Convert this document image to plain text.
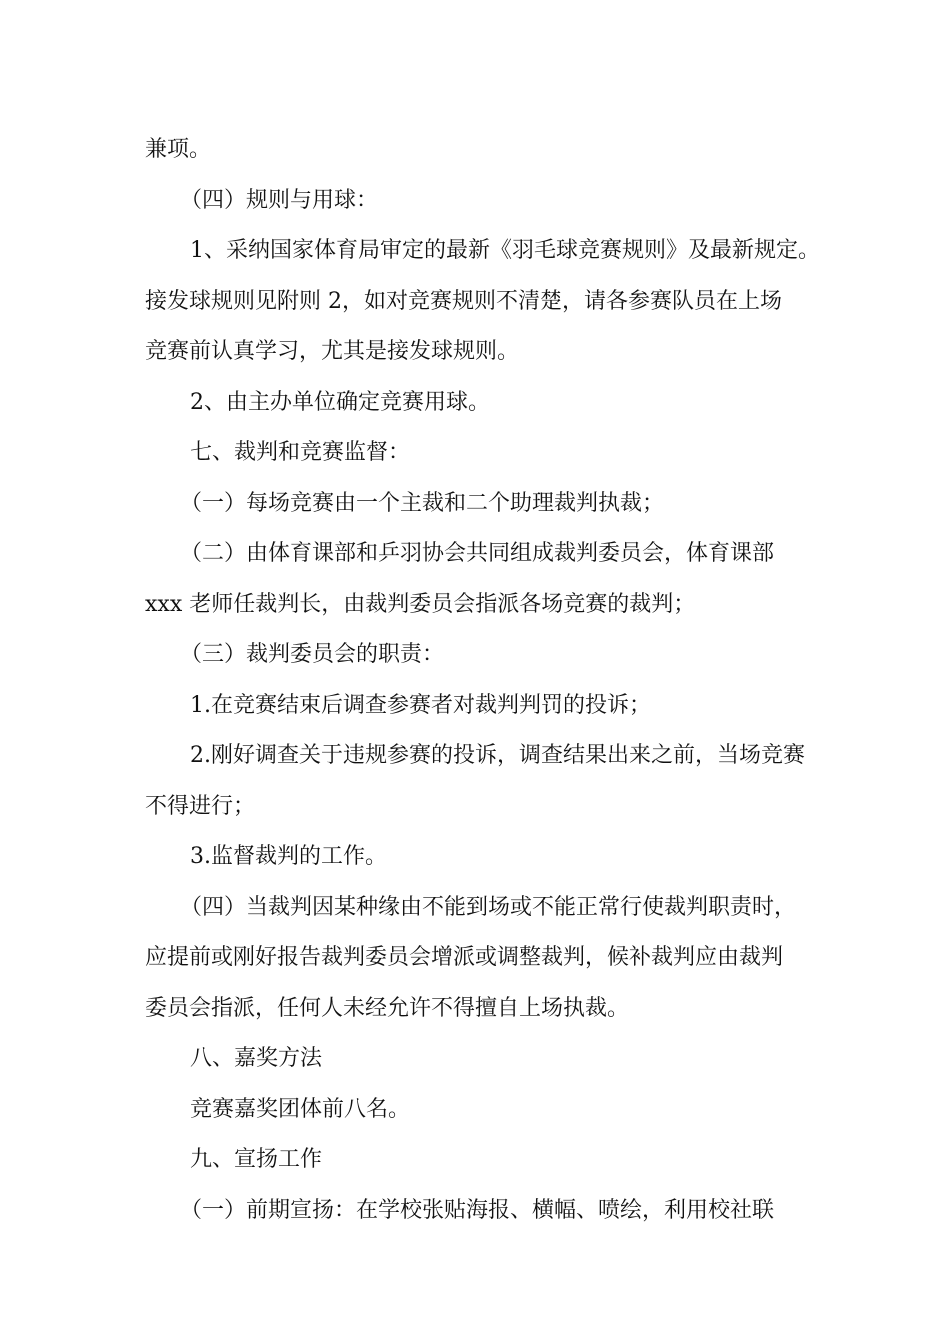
兼项。

（四）规则与用球：

1、采纳国家体育局审定的最新《羽毛球竞赛规则》及最新规定。

接发球规则见附则 2，如对竞赛规则不清楚，请各参赛队员在上场

竞赛前认真学习，尤其是接发球规则。

2、由主办单位确定竞赛用球。

七、裁判和竞赛监督：

（一）每场竞赛由一个主裁和二个助理裁判执裁；

（二）由体育课部和乒羽协会共同组成裁判委员会，体育课部

xxx 老师任裁判长，由裁判委员会指派各场竞赛的裁判；

（三）裁判委员会的职责：

1.在竞赛结束后调查参赛者对裁判判罚的投诉；

2.刚好调查关于违规参赛的投诉，调查结果出来之前，当场竞赛

不得进行；

3.监督裁判的工作。

（四）当裁判因某种缘由不能到场或不能正常行使裁判职责时，

应提前或刚好报告裁判委员会增派或调整裁判，候补裁判应由裁判

委员会指派，任何人未经允许不得擅自上场执裁。

八、嘉奖方法

竞赛嘉奖团体前八名。

九、宣扬工作

（一）前期宣扬：在学校张贴海报、横幅、喷绘，利用校社联
